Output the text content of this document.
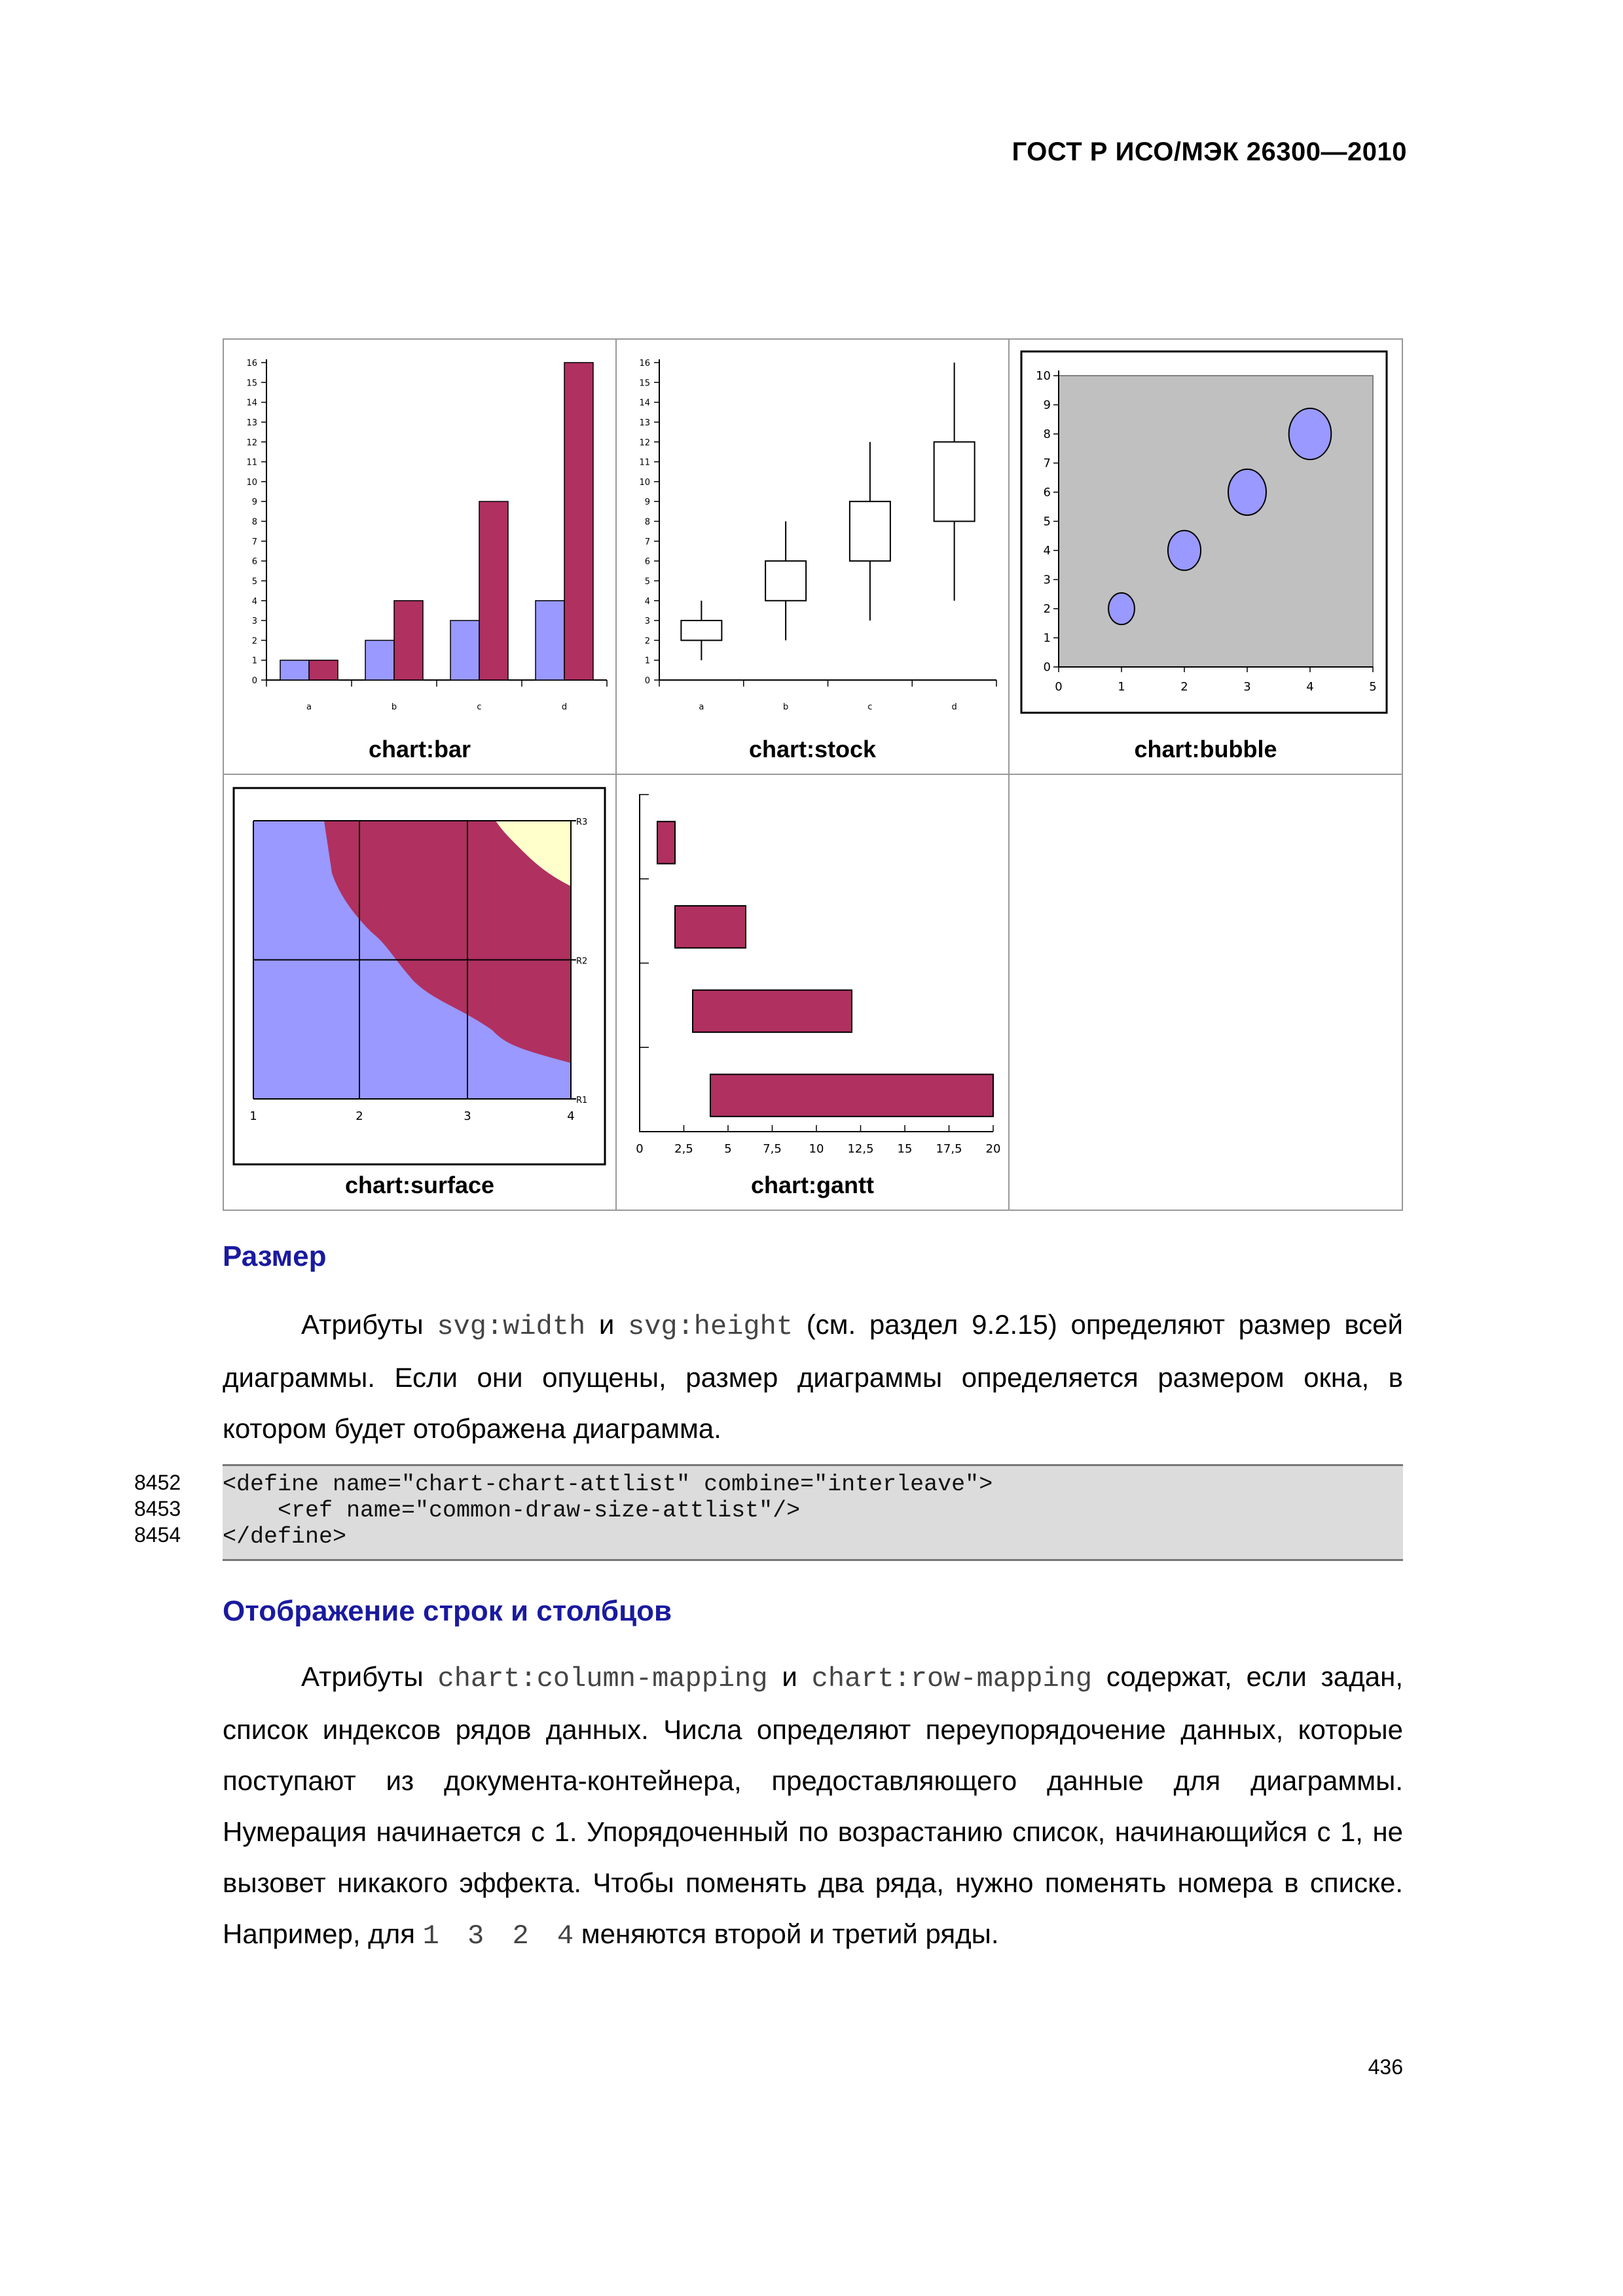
ГОСТ Р ИСО/МЭК 26300—2010
0
1
2
3
4
5
6
7
8
9
10
11
12
13
14
15
16
a	b	c	d
chart:bar
0
1
2
3
4
5
6
7
8
9
10
11
12
13
14
15
16
a	b	c	d
chart:stock
0
1
2
3
4
5
6
7
8
9
10
0	1	2	3	4	5
chart:bubble
1	2	3	4
R1
R2
R3
chart:surface
0	2,5	5	7,5 10 12,5 15 17,5 20
chart:gantt
Размер

Атрибуты svg:width и svg:height (см. раздел 9.2.15) определяют размер всей диаграммы. Если они опущены, размер диаграммы определяется размером окна, в котором будет отображена диаграмма.

8452
8453
8454
<define name="chart-chart-attlist" combine="interleave">
<ref name="common-draw-size-attlist"/>
</define>
Отображение строк и столбцов

Атрибуты chart:column-mapping и chart:row-mapping содержат, если задан, список индексов рядов данных. Числа определяют переупорядочение данных, которые поступают из документа-контейнера, предоставляющего данные для диаграммы. Нумерация начинается с 1. Упорядоченный по возрастанию список, начинающийся с 1, не вызовет никакого эффекта. Чтобы поменять два ряда, нужно поменять номера в списке. Например, для 1 3 2 4 меняются второй и третий ряды.

436
